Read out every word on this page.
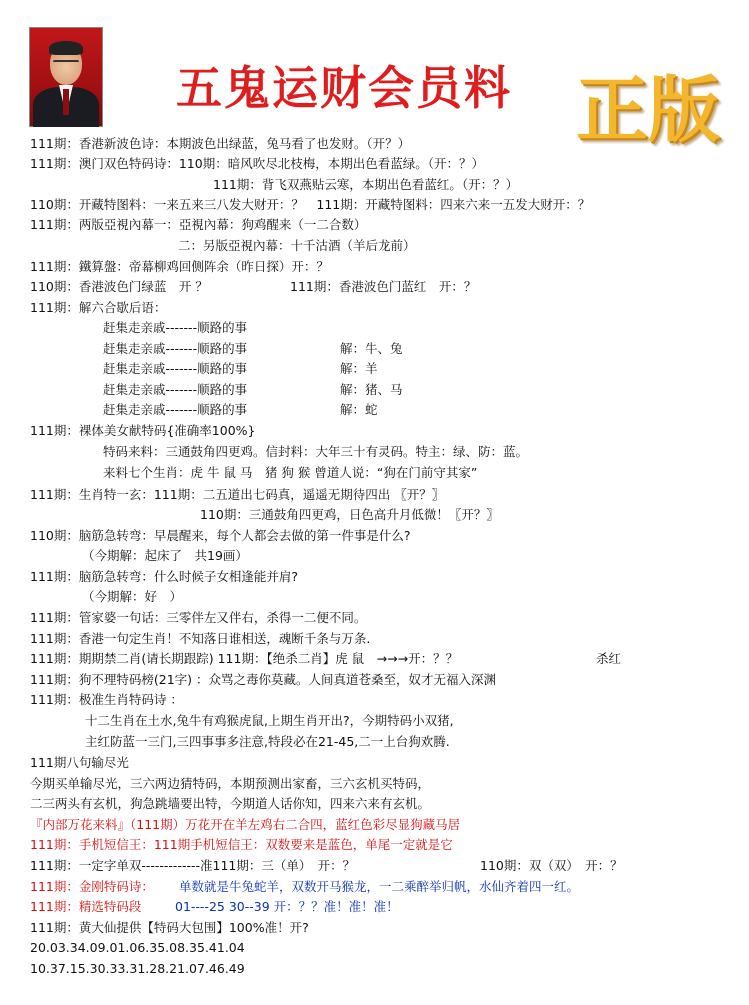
五鬼运财会员料 正版
111期：香港新波色诗：本期波色出绿蓝，兔马看了也发财。（开？）
111期：澳门双色特码诗：110期：暗风吹尽北枝梅，本期出色看蓝绿。（开：？）
111期：背飞双燕贴云寒，本期出色看蓝红。（开：？）
110期：开藏特图料：一来五来三八发大财开：？　111期：开藏特图料：四来六来一五发大财开：？
111期：两版亞視內幕一：亞視內幕：狗鸡醒来（一二合数）
二：另版亞視內幕：十千沽酒（羊后龙前）
111期：鐵算盤：帝幕柳鸡回侧阵余（昨日探）开：？
110期：香港波色门绿蓝　开 ？	111期：香港波色门蓝红　开：？
111期：解六合歇后语：
赶集走亲戚-------顺路的事
赶集走亲戚-------顺路的事	解：牛、兔
赶集走亲戚-------顺路的事	解：羊
赶集走亲戚-------顺路的事	解：猪、马
赶集走亲戚-------顺路的事	解：蛇
111期：裸体美女献特码{准确率100%}
特码来料：三通鼓角四更鸡。信封料：大年三十有灵码。特主：绿、防：蓝。
来料七个生肖：虎 牛 鼠 马　猪 狗 猴 曾道人说：“狗在门前守其家”
111期：生肖特一玄：111期：二五道出七码真，遥遥无期待四出 〖开？〗
110期：三通鼓角四更鸡，日色高升月低微！〖开？〗
110期：脑筋急转弯：早晨醒来，每个人都会去做的第一件事是什么?
（今期解：起床了　共19画）
111期：脑筋急转弯：什么时候子女相逢能并肩?
（今期解：好　）
111期：管家婆一句话：三零伴左又伴右，杀得一二便不同。
111期：香港一句定生肖！不知落日谁相送，魂断千条与万条.
111期：期期禁二肖(请长期跟踪) 111期：【绝杀二肖】虎 鼠　→→→开：？？	杀红
111期：狗不理特码榜(21字) ：众骂之毒你莫藏。人间真道苍桑至，奴才无福入深渊
111期：极准生肖特码诗 ：
十二生肖在土水,兔牛有鸡猴虎鼠,上期生肖开出?，今期特码小双猪,
主红防蓝一三门,三四事事多注意,特段必在21-45,二一上台狗欢腾.
111期八句输尽光
今期买单输尽光，三六两边猜特码，本期预测出家畜，三六玄机买特码，
二三两头有玄机，狗急跳墙要出特，今期道人话你知，四来六来有玄机。
『内部万花来料』（111期）万花开在羊左鸡右二合四，蓝红色彩尽显狗藏马居
111期：手机短信王：111期手机短信王：双数要来是蓝色，单尾一定就是它
111期：一定字单双-------------准111期：三（单）　开：？	110期：双（双）　开：？
111期：金刚特码诗： 单数就是牛兔蛇羊，双数开马猴龙，一二乘醉举归帆，水仙齐着四一红。
111期：精选特码段	01----25 30--39 开：？？准！准！准！
111期：黄大仙提供【特码大包围】100%准！开?
20.03.34.09.01.06.35.08.35.41.04
10.37.15.30.33.31.28.21.07.46.49
